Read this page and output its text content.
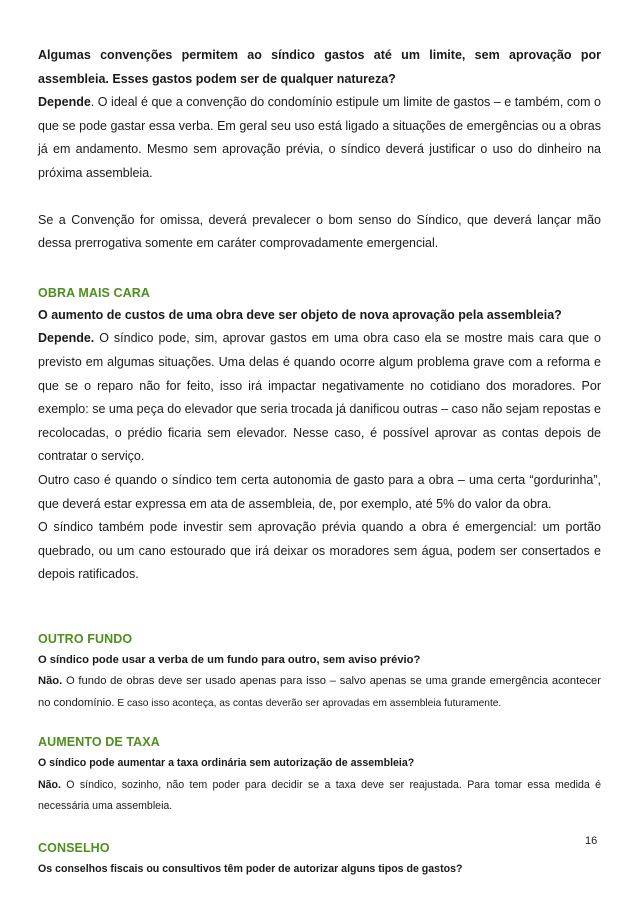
Algumas convenções permitem ao síndico gastos até um limite, sem aprovação por assembleia. Esses gastos podem ser de qualquer natureza?

Depende. O ideal é que a convenção do condomínio estipule um limite de gastos – e também, com o que se pode gastar essa verba. Em geral seu uso está ligado a situações de emergências ou a obras já em andamento. Mesmo sem aprovação prévia, o síndico deverá justificar o uso do dinheiro na próxima assembleia.

Se a Convenção for omissa, deverá prevalecer o bom senso do Síndico, que deverá lançar mão dessa prerrogativa somente em caráter comprovadamente emergencial.

OBRA MAIS CARA

O aumento de custos de uma obra deve ser objeto de nova aprovação pela assembleia?

Depende. O síndico pode, sim, aprovar gastos em uma obra caso ela se mostre mais cara que o previsto em algumas situações. Uma delas é quando ocorre algum problema grave com a reforma e que se o reparo não for feito, isso irá impactar negativamente no cotidiano dos moradores. Por exemplo: se uma peça do elevador que seria trocada já danificou outras – caso não sejam repostas e recolocadas, o prédio ficaria sem elevador. Nesse caso, é possível aprovar as contas depois de contratar o serviço.

Outro caso é quando o síndico tem certa autonomia de gasto para a obra – uma certa “gordurinha”, que deverá estar expressa em ata de assembleia, de, por exemplo, até 5% do valor da obra.

O síndico também pode investir sem aprovação prévia quando a obra é emergencial: um portão quebrado, ou um cano estourado que irá deixar os moradores sem água, podem ser consertados e depois ratificados.

OUTRO FUNDO

O síndico pode usar a verba de um fundo para outro, sem aviso prévio?

Não. O fundo de obras deve ser usado apenas para isso – salvo apenas se uma grande emergência acontecer no condomínio. E caso isso aconteça, as contas deverão ser aprovadas em assembleia futuramente.

AUMENTO DE TAXA

O síndico pode aumentar a taxa ordinária sem autorização de assembleia?

Não. O síndico, sozinho, não tem poder para decidir se a taxa deve ser reajustada. Para tomar essa medida é necessária uma assembleia.

CONSELHO

Os conselhos fiscais ou consultivos têm poder de autorizar alguns tipos de gastos?

16
